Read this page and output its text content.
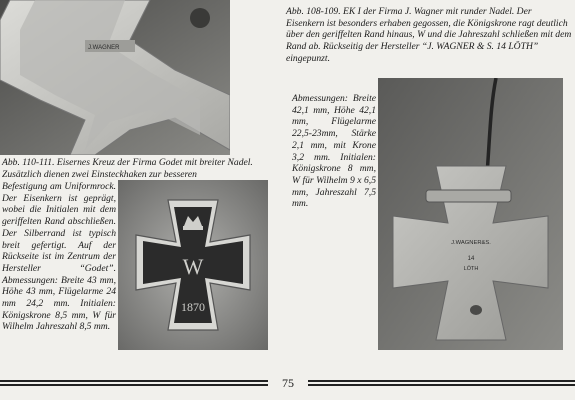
J.WAGNER
W
1870
J.WAGNER&S.
14
LÖTH

Abb. 108-109. EK I der Firma J. Wagner mit runder Nadel. Der Eisenkern ist besonders erhaben gegossen, die Königskrone ragt deutlich über den geriffelten Rand hinaus, W und die Jahreszahl schließen mit dem Rand ab. Rückseitig der Hersteller “J. WAGNER & S. 14 LÖTH” eingepunzt.

Abmessungen: Breite 42,1 mm, Höhe 42,1 mm, Flügelarme 22,5-23mm, Stärke 2,1 mm, mit Krone 3,2 mm. Initialen: Königskrone 8 mm, W für Wilhelm 9 x 6,5 mm, Jahreszahl 7,5 mm.

Abb. 110-111. Eisernes Kreuz der Firma Godet mit breiter Nadel. Zusätzlich dienen zwei Einsteckhaken zur besseren

Befestigung am Uniformrock. Der Eisenkern ist geprägt, wobei die Initialen mit dem geriffelten Rand abschließen. Der Silberrand ist typisch breit gefertigt. Auf der Rückseite ist im Zentrum der Hersteller “Godet”. Abmessungen: Breite 43 mm, Höhe 43 mm, Flügelarme 24 mm 24,2 mm. Initialen: Königskrone 8,5 mm, W für Wilhelm Jahreszahl 8,5 mm.

75
